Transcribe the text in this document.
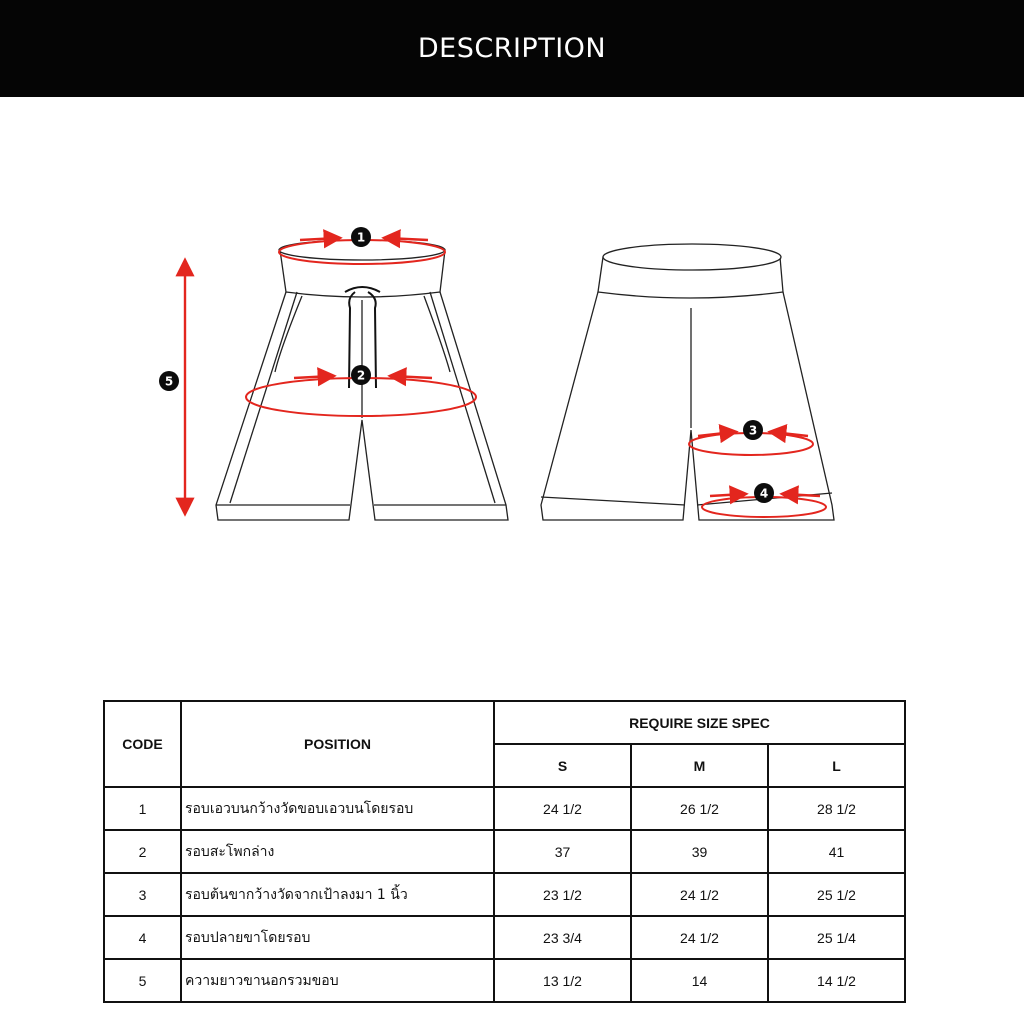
DESCRIPTION
1
2
3
4
5
CODE	POSITION	REQUIRE SIZE SPEC		
		S	M	L
1	รอบเอวบนกว้างวัดขอบเอวบนโดยรอบ	24 1/2	26 1/2	28 1/2
2	รอบสะโพกล่าง	37	39	41
3	รอบต้นขากว้างวัดจากเป้าลงมา 1 นิ้ว	23 1/2	24 1/2	25 1/2
4	รอบปลายขาโดยรอบ	23 3/4	24 1/2	25 1/4
5	ความยาวขานอกรวมขอบ	13 1/2	14	14 1/2
